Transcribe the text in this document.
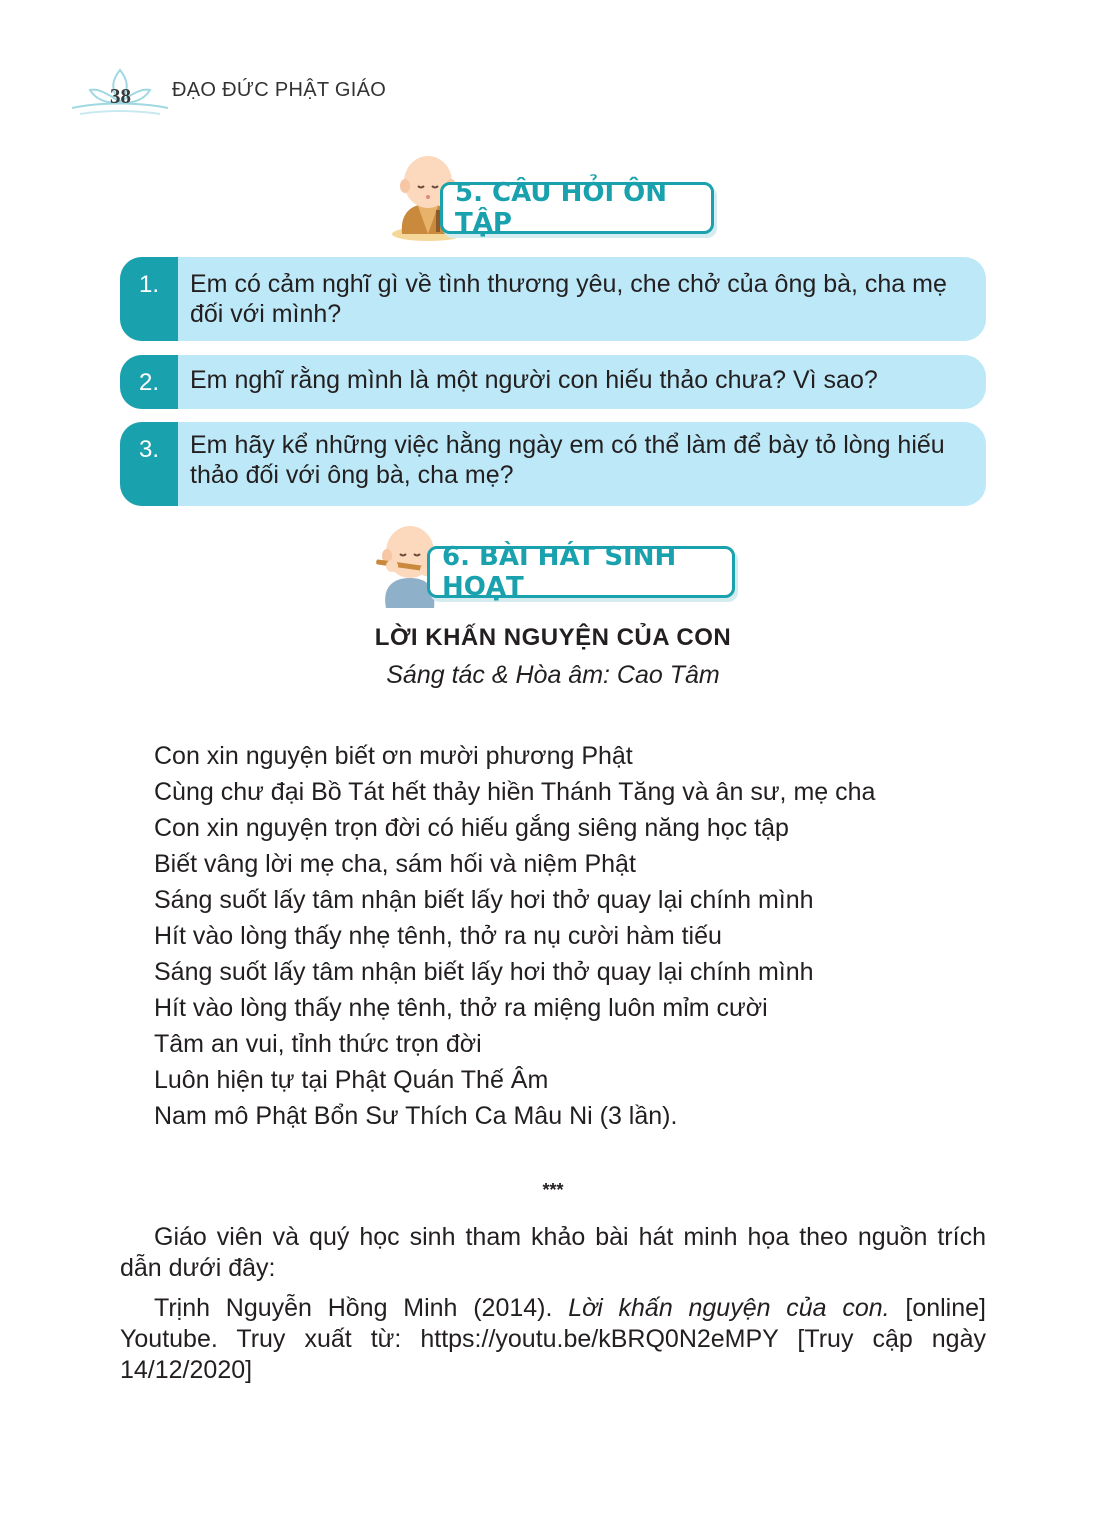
38 ĐẠO ĐỨC PHẬT GIÁO
5. CÂU HỎI ÔN TẬP
1.	Em có cảm nghĩ gì về tình thương yêu, che chở của ông bà, cha mẹ đối với mình?
2.	Em nghĩ rằng mình là một người con hiếu thảo chưa? Vì sao?
3.	Em hãy kể những việc hằng ngày em có thể làm để bày tỏ lòng hiếu thảo đối với ông bà, cha mẹ?
6. BÀI HÁT SINH HOẠT
LỜI KHẤN NGUYỆN CỦA CON
Sáng tác & Hòa âm: Cao Tâm
Con xin nguyện biết ơn mười phương Phật
Cùng chư đại Bồ Tát hết thảy hiền Thánh Tăng và ân sư, mẹ cha
Con xin nguyện trọn đời có hiếu gắng siêng năng học tập
Biết vâng lời mẹ cha, sám hối và niệm Phật
Sáng suốt lấy tâm nhận biết lấy hơi thở quay lại chính mình
Hít vào lòng thấy nhẹ tênh, thở ra nụ cười hàm tiếu
Sáng suốt lấy tâm nhận biết lấy hơi thở quay lại chính mình
Hít vào lòng thấy nhẹ tênh, thở ra miệng luôn mỉm cười
Tâm an vui, tỉnh thức trọn đời
Luôn hiện tự tại Phật Quán Thế Âm
Nam mô Phật Bổn Sư Thích Ca Mâu Ni (3 lần).
***
Giáo viên và quý học sinh tham khảo bài hát minh họa theo nguồn trích dẫn dưới đây:
Trịnh Nguyễn Hồng Minh (2014). Lời khấn nguyện của con. [online] Youtube. Truy xuất từ: https://youtu.be/kBRQ0N2eMPY [Truy cập ngày 14/12/2020]
